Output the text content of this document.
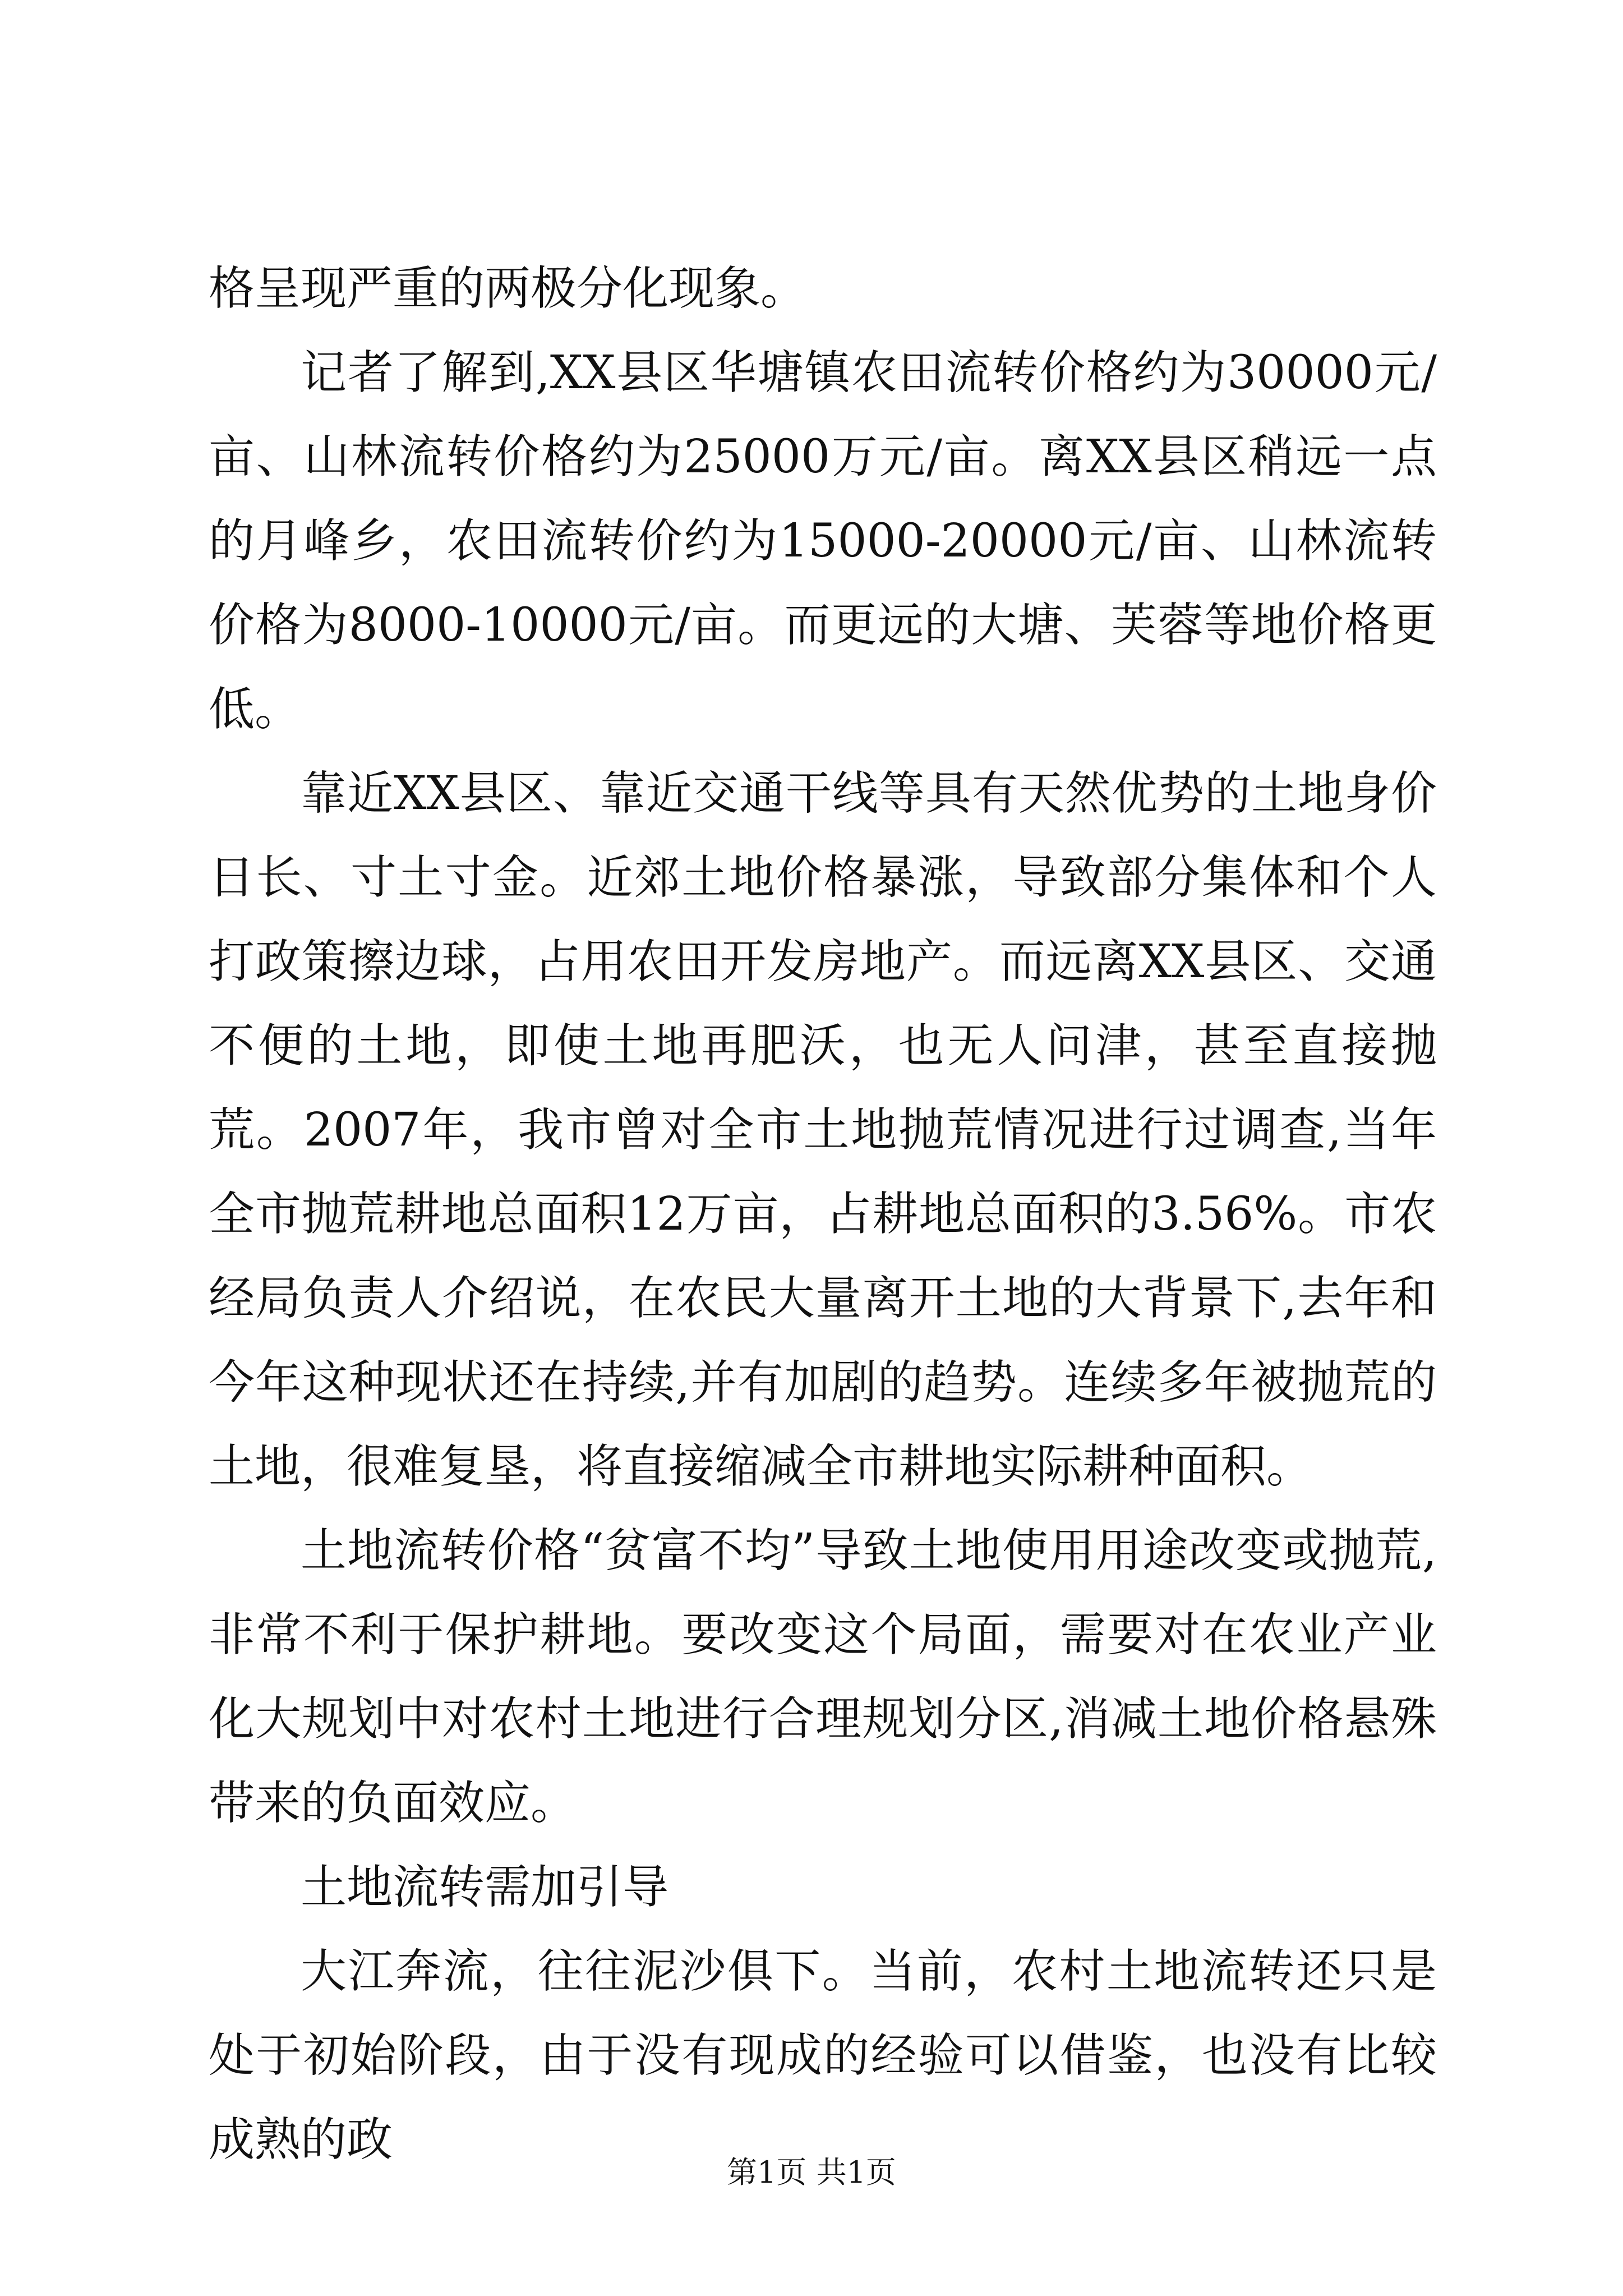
格呈现严重的两极分化现象。

记者了解到,XX县区华塘镇农田流转价格约为30000元/亩、山林流转价格约为25000万元/亩。离XX县区稍远一点的月峰乡，农田流转价约为15000-20000元/亩、山林流转价格为8000-10000元/亩。而更远的大塘、芙蓉等地价格更低。

靠近XX县区、靠近交通干线等具有天然优势的土地身价日长、寸土寸金。近郊土地价格暴涨，导致部分集体和个人打政策擦边球，占用农田开发房地产。而远离XX县区、交通不便的土地，即使土地再肥沃，也无人问津，甚至直接抛荒。2007年，我市曾对全市土地抛荒情况进行过调查,当年全市抛荒耕地总面积12万亩，占耕地总面积的3.56%。市农经局负责人介绍说，在农民大量离开土地的大背景下,去年和今年这种现状还在持续,并有加剧的趋势。连续多年被抛荒的土地，很难复垦，将直接缩减全市耕地实际耕种面积。

土地流转价格“贫富不均”导致土地使用用途改变或抛荒,非常不利于保护耕地。要改变这个局面，需要对在农业产业化大规划中对农村土地进行合理规划分区,消减土地价格悬殊带来的负面效应。

土地流转需加引导

大江奔流，往往泥沙俱下。当前，农村土地流转还只是处于初始阶段，由于没有现成的经验可以借鉴，也没有比较成熟的政

第1页 共1页
